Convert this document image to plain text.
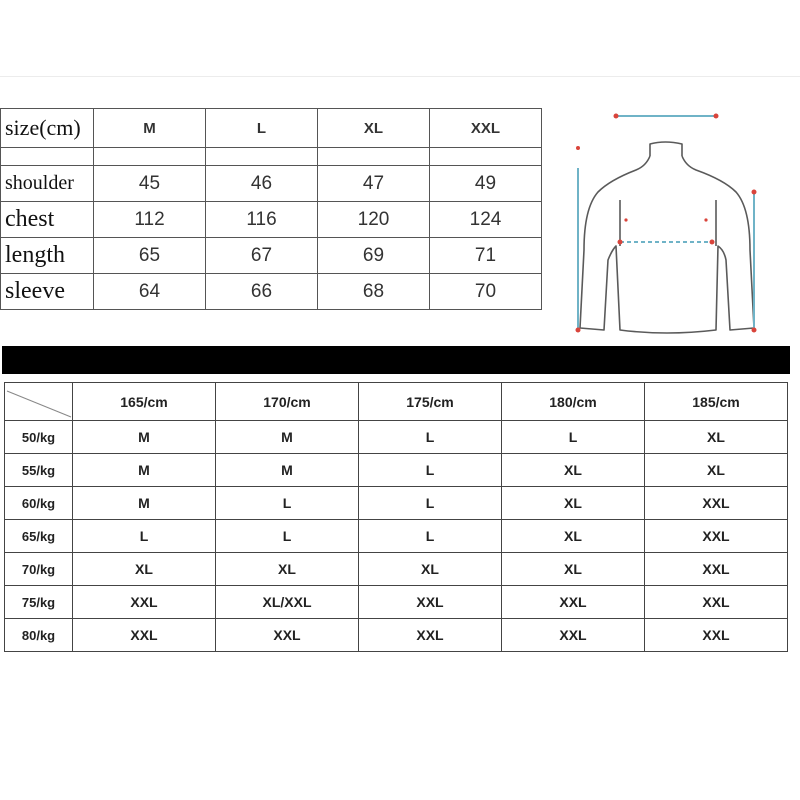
size(cm)	M	L	XL	XXL

shoulder	45	46	47	49
chest	112	116	120	124
length	65	67	69	71
sleeve	64	66	68	70
	165/cm	170/cm	175/cm	180/cm	185/cm
50/kg	M	M	L	L	XL
55/kg	M	M	L	XL	XL
60/kg	M	L	L	XL	XXL
65/kg	L	L	L	XL	XXL
70/kg	XL	XL	XL	XL	XXL
75/kg	XXL	XL/XXL	XXL	XXL	XXL
80/kg	XXL	XXL	XXL	XXL	XXL
